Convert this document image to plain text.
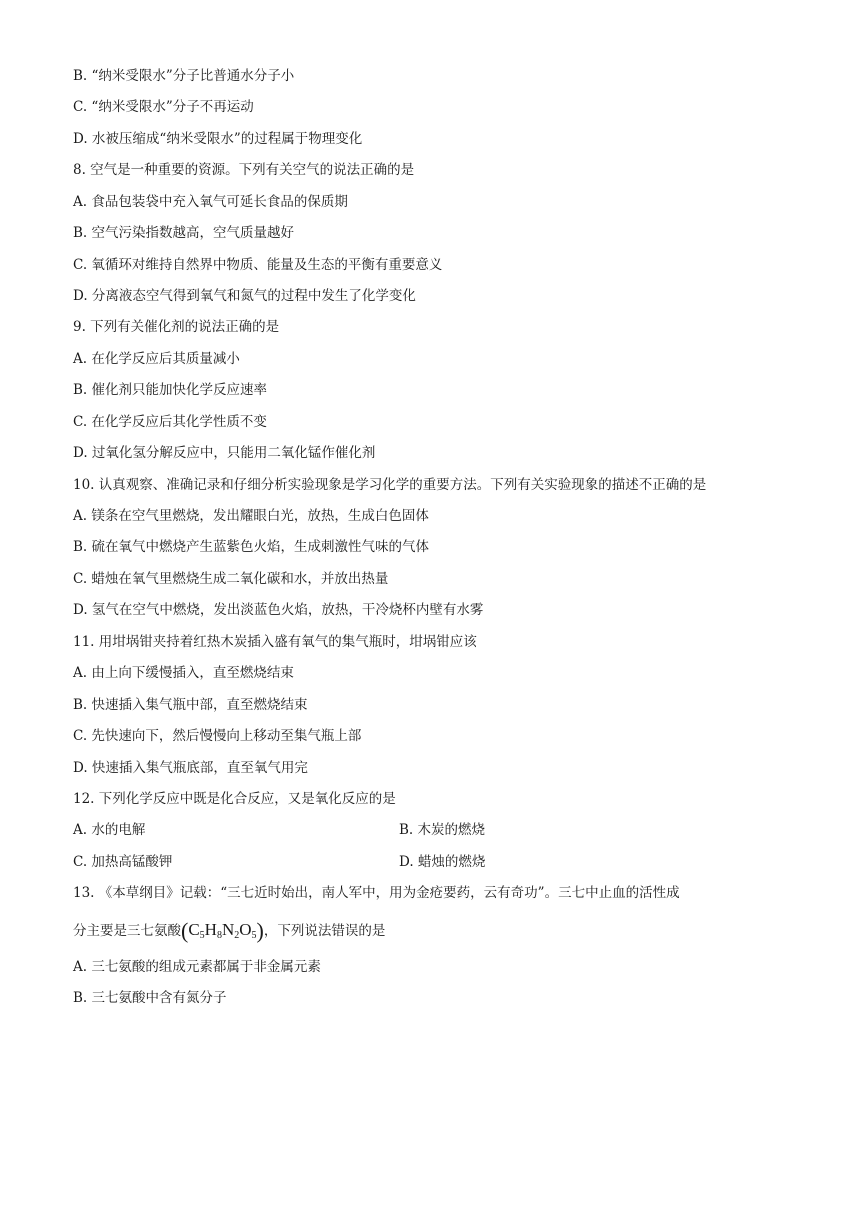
B. “纳米受限水”分子比普通水分子小
C. “纳米受限水”分子不再运动
D. 水被压缩成“纳米受限水”的过程属于物理变化
8. 空气是一种重要的资源。下列有关空气的说法正确的是
A. 食品包装袋中充入氧气可延长食品的保质期
B. 空气污染指数越高，空气质量越好
C. 氧循环对维持自然界中物质、能量及生态的平衡有重要意义
D. 分离液态空气得到氧气和氮气的过程中发生了化学变化
9. 下列有关催化剂的说法正确的是
A. 在化学反应后其质量减小
B. 催化剂只能加快化学反应速率
C. 在化学反应后其化学性质不变
D. 过氧化氢分解反应中，只能用二氧化锰作催化剂
10. 认真观察、准确记录和仔细分析实验现象是学习化学的重要方法。下列有关实验现象的描述不正确的是
A. 镁条在空气里燃烧，发出耀眼白光，放热，生成白色固体
B. 硫在氧气中燃烧产生蓝紫色火焰，生成刺激性气味的气体
C. 蜡烛在氧气里燃烧生成二氧化碳和水，并放出热量
D. 氢气在空气中燃烧，发出淡蓝色火焰，放热，干冷烧杯内壁有水雾
11. 用坩埚钳夹持着红热木炭插入盛有氧气的集气瓶时，坩埚钳应该
A. 由上向下缓慢插入，直至燃烧结束
B. 快速插入集气瓶中部，直至燃烧结束
C. 先快速向下，然后慢慢向上移动至集气瓶上部
D. 快速插入集气瓶底部，直至氧气用完
12. 下列化学反应中既是化合反应，又是氧化反应的是
A. 水的电解	B. 木炭的燃烧
C. 加热高锰酸钾	D. 蜡烛的燃烧
13. 《本草纲目》记载：“三七近时始出，南人军中，用为金疮要药，云有奇功”。三七中止血的活性成
分主要是三七氨酸$(C_5H_8N_2O_5)$，下列说法错误的是
A. 三七氨酸的组成元素都属于非金属元素
B. 三七氨酸中含有氮分子
